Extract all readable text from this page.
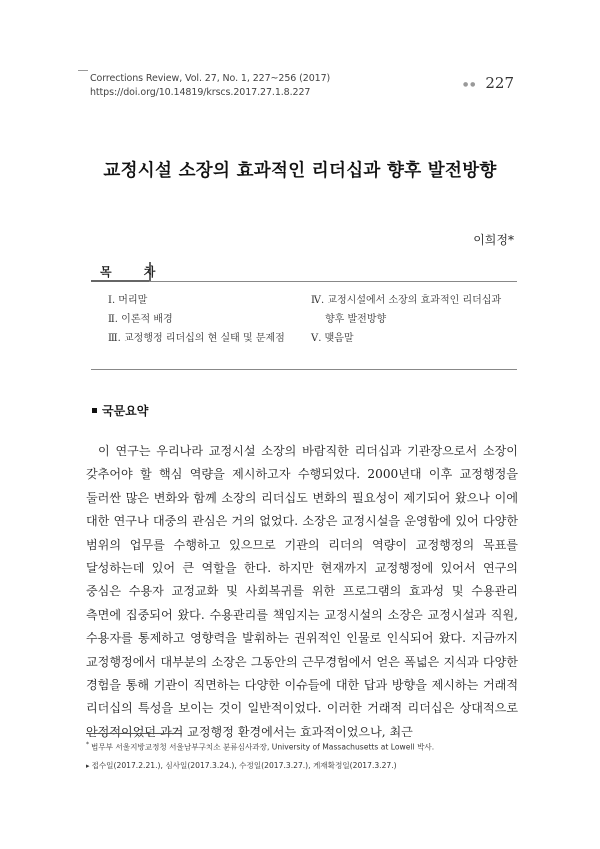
Corrections Review, Vol. 27, No. 1, 227~256 (2017)
https://doi.org/10.14819/krscs.2017.27.1.8.227
● ● 227
교정시설 소장의 효과적인 리더십과 향후 발전방향
이희정*
목 차
Ⅰ. 머리말
Ⅱ. 이론적 배경
Ⅲ. 교정행정 리더십의 현 실태 및 문제점
Ⅳ. 교정시설에서 소장의 효과적인 리더십과
향후 발전방향
Ⅴ. 맺음말
국문요약

이 연구는 우리나라 교정시설 소장의 바람직한 리더십과 기관장으로서 소장이 갖추어야 할 핵심 역량을 제시하고자 수행되었다. 2000년대 이후 교정행정을 둘러싼 많은 변화와 함께 소장의 리더십도 변화의 필요성이 제기되어 왔으나 이에 대한 연구나 대중의 관심은 거의 없었다. 소장은 교정시설을 운영함에 있어 다양한 범위의 업무를 수행하고 있으므로 기관의 리더의 역량이 교정행정의 목표를 달성하는데 있어 큰 역할을 한다. 하지만 현재까지 교정행정에 있어서 연구의 중심은 수용자 교정교화 및 사회복귀를 위한 프로그램의 효과성 및 수용관리 측면에 집중되어 왔다. 수용관리를 책임지는 교정시설의 소장은 교정시설과 직원, 수용자를 통제하고 영향력을 발휘하는 권위적인 인물로 인식되어 왔다. 지금까지 교정행정에서 대부분의 소장은 그동안의 근무경험에서 얻은 폭넓은 지식과 다양한 경험을 통해 기관이 직면하는 다양한 이슈들에 대한 답과 방향을 제시하는 거래적 리더십의 특성을 보이는 것이 일반적이었다. 이러한 거래적 리더십은 상대적으로 안정적이었던 과거 교정행정 환경에서는 효과적이었으나, 최근

* 법무부 서울지방교정청 서울남부구치소 분류심사과장, University of Massachusetts at Lowell 박사.
▸ 접수일(2017.2.21.), 심사일(2017.3.24.), 수정일(2017.3.27.), 게재확정일(2017.3.27.)
